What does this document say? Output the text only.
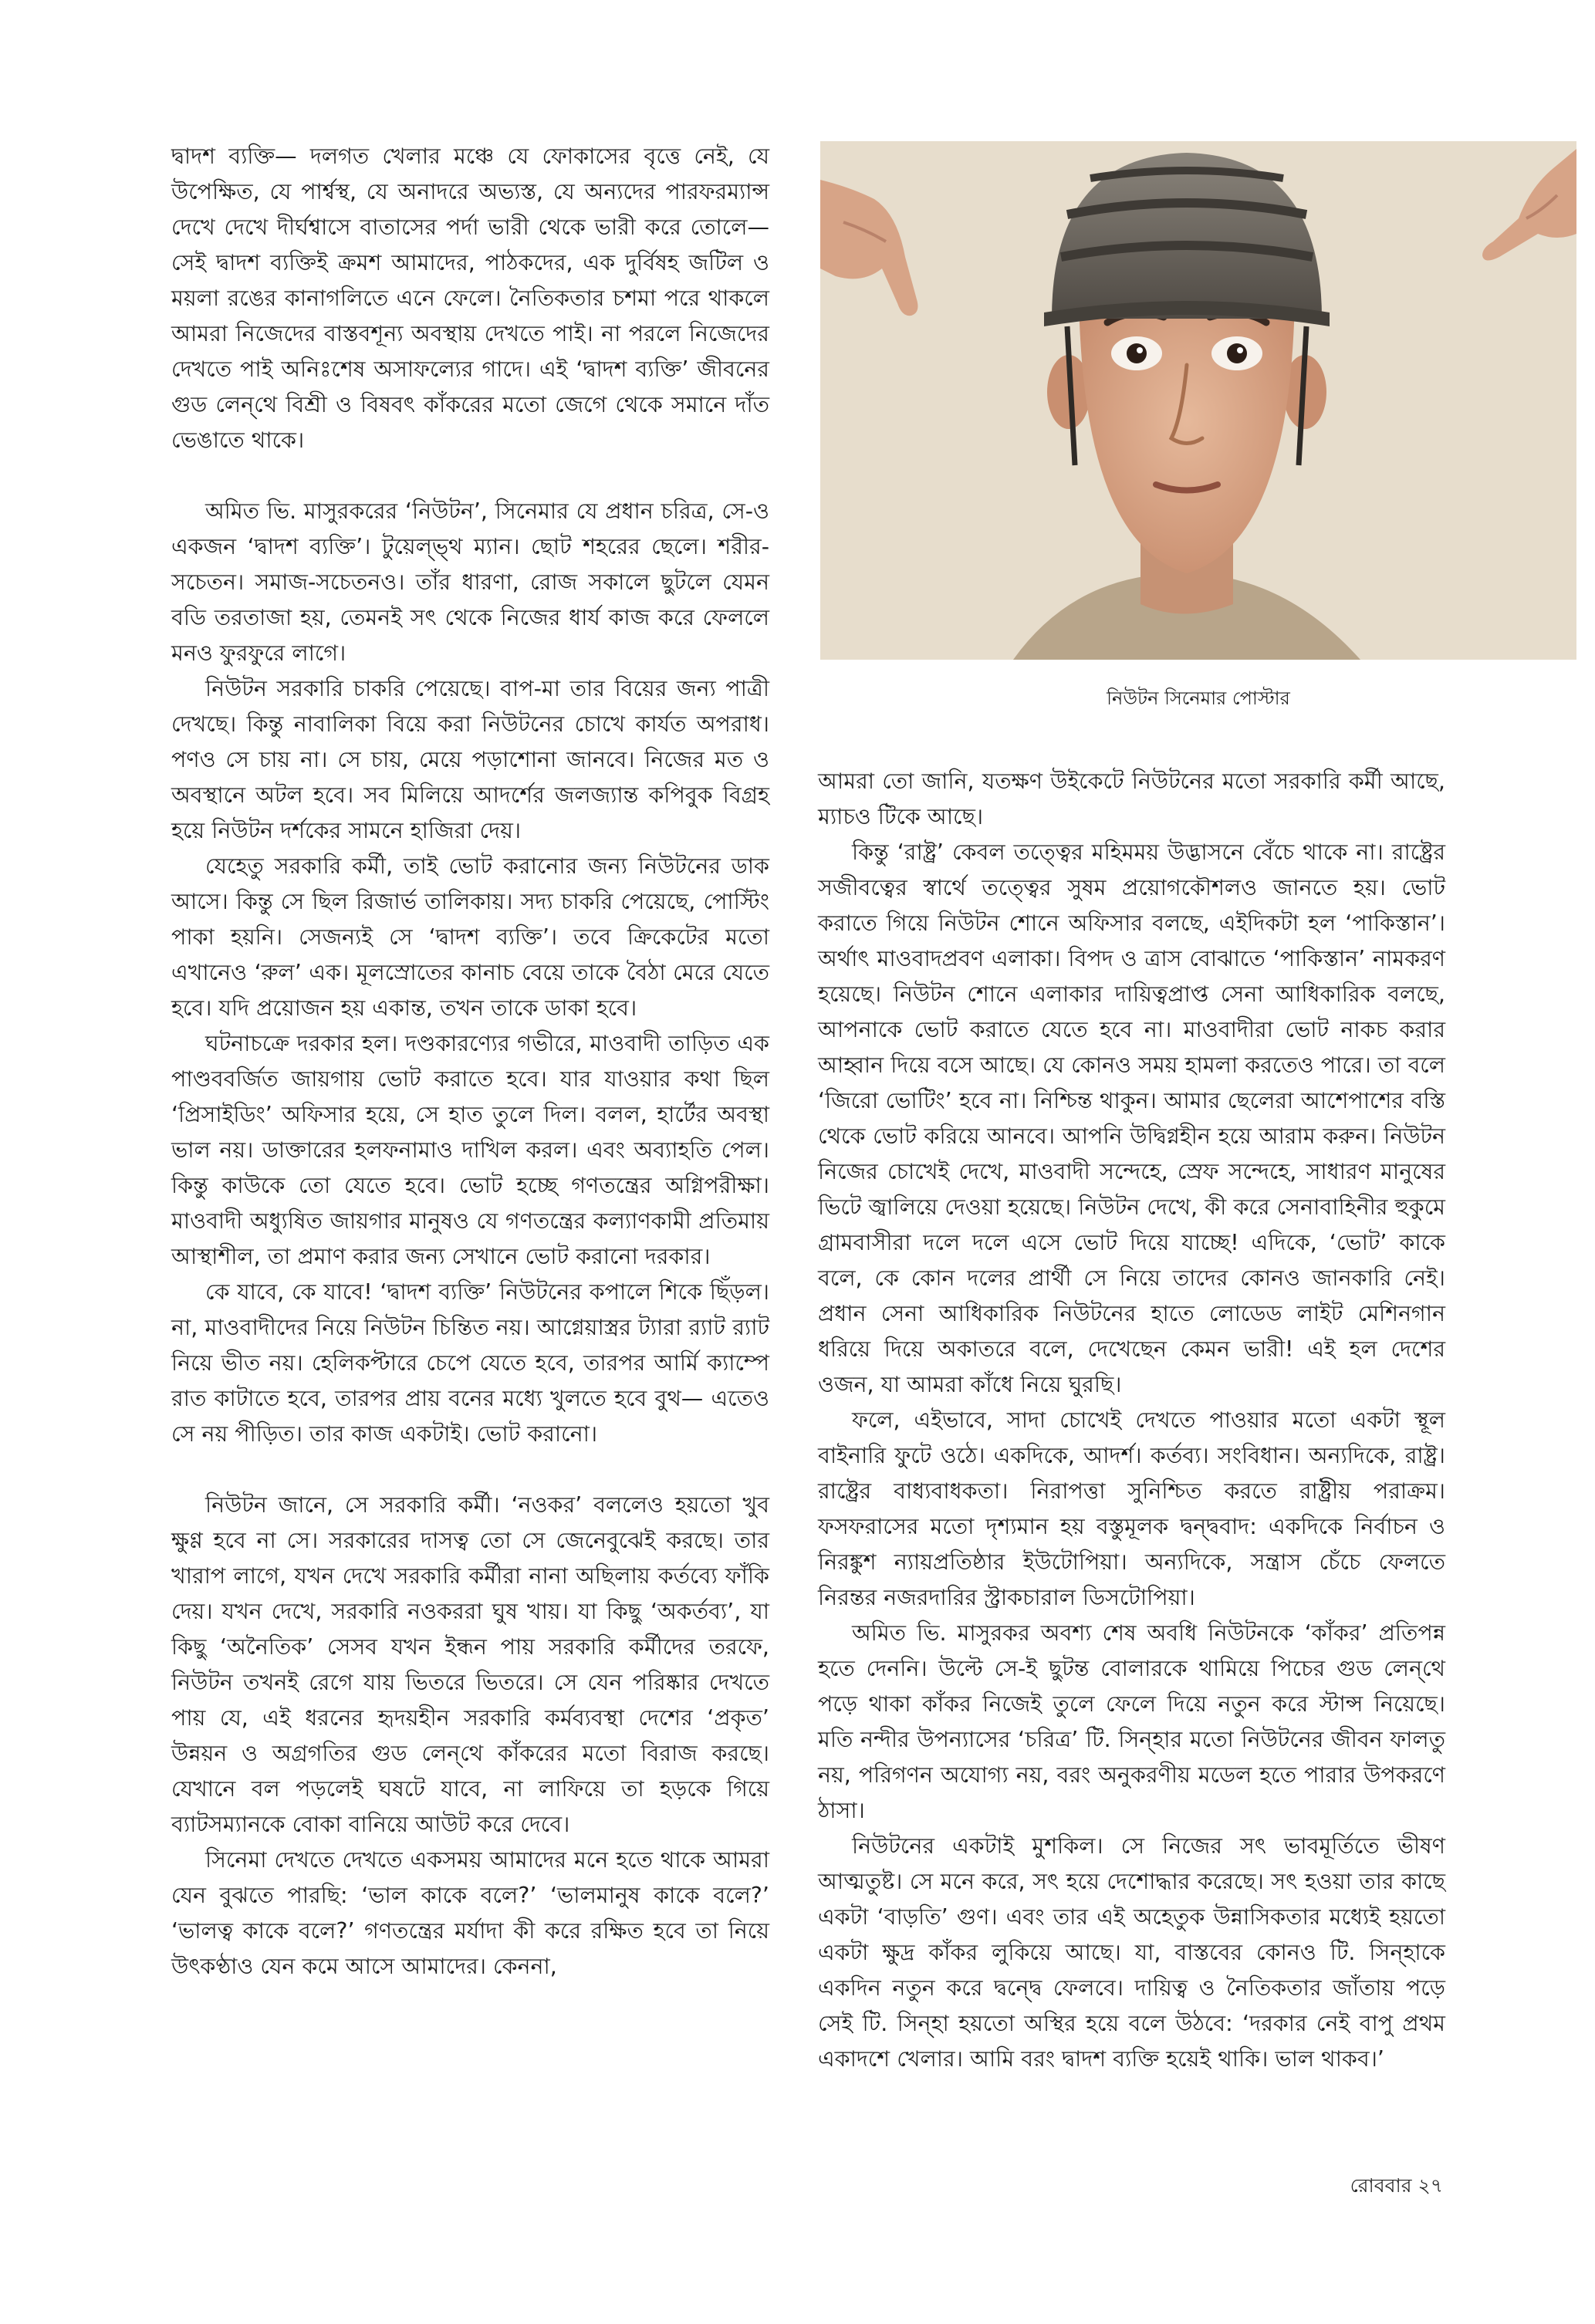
দ্বাদশ ব্যক্তি— দলগত খেলার মঞ্চে যে ফোকাসের বৃত্তে নেই, যে উপেক্ষিত, যে পার্শ্বস্থ, যে অনাদরে অভ্যস্ত, যে অন্যদের পারফরম্যান্স দেখে দেখে দীর্ঘশ্বাসে বাতাসের পর্দা ভারী থেকে ভারী করে তোলে— সেই দ্বাদশ ব্যক্তিই ক্রমশ আমাদের, পাঠকদের, এক দুর্বিষহ জটিল ও ময়লা রঙের কানাগলিতে এনে ফেলে। নৈতিকতার চশমা পরে থাকলে আমরা নিজেদের বাস্তবশূন্য অবস্থায় দেখতে পাই। না পরলে নিজেদের দেখতে পাই অনিঃশেষ অসাফল্যের গাদে। এই ‘দ্বাদশ ব্যক্তি’ জীবনের গুড লেন্‌থে বিশ্রী ও বিষবৎ কাঁকরের মতো জেগে থেকে সমানে দাঁত ভেঙাতে থাকে।

অমিত ভি. মাসুরকরের ‘নিউটন’, সিনেমার যে প্রধান চরিত্র, সে-ও একজন ‘দ্বাদশ ব্যক্তি’। টুয়েল্‌ভ্‌থ ম্যান। ছোট শহরের ছেলে। শরীর-সচেতন। সমাজ-সচেতনও। তাঁর ধারণা, রোজ সকালে ছুটলে যেমন বডি তরতাজা হয়, তেমনই সৎ থেকে নিজের ধার্য কাজ করে ফেললে মনও ফুরফুরে লাগে।

নিউটন সরকারি চাকরি পেয়েছে। বাপ-মা তার বিয়ের জন্য পাত্রী দেখছে। কিন্তু নাবালিকা বিয়ে করা নিউটনের চোখে কার্যত অপরাধ। পণও সে চায় না। সে চায়, মেয়ে পড়াশোনা জানবে। নিজের মত ও অবস্থানে অটল হবে। সব মিলিয়ে আদর্শের জলজ্যান্ত কপিবুক বিগ্রহ হয়ে নিউটন দর্শকের সামনে হাজিরা দেয়।

যেহেতু সরকারি কর্মী, তাই ভোট করানোর জন্য নিউটনের ডাক আসে। কিন্তু সে ছিল রিজার্ভ তালিকায়। সদ্য চাকরি পেয়েছে, পোস্টিং পাকা হয়নি। সেজন্যই সে ‘দ্বাদশ ব্যক্তি’। তবে ক্রিকেটের মতো এখানেও ‘রুল’ এক। মূলস্রোতের কানাচ বেয়ে তাকে বৈঠা মেরে যেতে হবে। যদি প্রয়োজন হয় একান্ত, তখন তাকে ডাকা হবে।

ঘটনাচক্রে দরকার হল। দণ্ডকারণ্যের গভীরে, মাওবাদী তাড়িত এক পাণ্ডববর্জিত জায়গায় ভোট করাতে হবে। যার যাওয়ার কথা ছিল ‘প্রিসাইডিং’ অফিসার হয়ে, সে হাত তুলে দিল। বলল, হার্টের অবস্থা ভাল নয়। ডাক্তারের হলফনামাও দাখিল করল। এবং অব্যাহতি পেল। কিন্তু কাউকে তো যেতে হবে। ভোট হচ্ছে গণতন্ত্রের অগ্নিপরীক্ষা। মাওবাদী অধ্যুষিত জায়গার মানুষও যে গণতন্ত্রের কল্যাণকামী প্রতিমায় আস্থাশীল, তা প্রমাণ করার জন্য সেখানে ভোট করানো দরকার।

কে যাবে, কে যাবে! ‘দ্বাদশ ব্যক্তি’ নিউটনের কপালে শিকে ছিঁড়ল। না, মাওবাদীদের নিয়ে নিউটন চিন্তিত নয়। আগ্নেয়াস্ত্রর ট্যারা র‍্যাট র‍্যাট নিয়ে ভীত নয়। হেলিকপ্টারে চেপে যেতে হবে, তারপর আর্মি ক্যাম্পে রাত কাটাতে হবে, তারপর প্রায় বনের মধ্যে খুলতে হবে বুথ— এতেও সে নয় পীড়িত। তার কাজ একটাই। ভোট করানো।

নিউটন জানে, সে সরকারি কর্মী। ‘নওকর’ বললেও হয়তো খুব ক্ষুণ্ণ হবে না সে। সরকারের দাসত্ব তো সে জেনেবুঝেই করছে। তার খারাপ লাগে, যখন দেখে সরকারি কর্মীরা নানা অছিলায় কর্তব্যে ফাঁকি দেয়। যখন দেখে, সরকারি নওকররা ঘুষ খায়। যা কিছু ‘অকর্তব্য’, যা কিছু ‘অনৈতিক’ সেসব যখন ইন্ধন পায় সরকারি কর্মীদের তরফে, নিউটন তখনই রেগে যায় ভিতরে ভিতরে। সে যেন পরিষ্কার দেখতে পায় যে, এই ধরনের হৃদয়হীন সরকারি কর্মব্যবস্থা দেশের ‘প্রকৃত’ উন্নয়ন ও অগ্রগতির গুড লেন্‌থে কাঁকরের মতো বিরাজ করছে। যেখানে বল পড়লেই ঘষটে যাবে, না লাফিয়ে তা হড়কে গিয়ে ব্যাটসম্যানকে বোকা বানিয়ে আউট করে দেবে।

সিনেমা দেখতে দেখতে একসময় আমাদের মনে হতে থাকে আমরা যেন বুঝতে পারছি: ‘ভাল কাকে বলে?’ ‘ভালমানুষ কাকে বলে?’ ‘ভালত্ব কাকে বলে?’ গণতন্ত্রের মর্যাদা কী করে রক্ষিত হবে তা নিয়ে উৎকণ্ঠাও যেন কমে আসে আমাদের। কেননা,

নিউটন সিনেমার পোস্টার

আমরা তো জানি, যতক্ষণ উইকেটে নিউটনের মতো সরকারি কর্মী আছে, ম্যাচও টিকে আছে।

কিন্তু ‘রাষ্ট্র’ কেবল তত্ত্বের মহিমময় উদ্ভাসনে বেঁচে থাকে না। রাষ্ট্রের সজীবত্বের স্বার্থে তত্ত্বের সুষম প্রয়োগকৌশলও জানতে হয়। ভোট করাতে গিয়ে নিউটন শোনে অফিসার বলছে, এইদিকটা হল ‘পাকিস্তান’। অর্থাৎ মাওবাদপ্রবণ এলাকা। বিপদ ও ত্রাস বোঝাতে ‘পাকিস্তান’ নামকরণ হয়েছে। নিউটন শোনে এলাকার দায়িত্বপ্রাপ্ত সেনা আধিকারিক বলছে, আপনাকে ভোট করাতে যেতে হবে না। মাওবাদীরা ভোট নাকচ করার আহ্বান দিয়ে বসে আছে। যে কোনও সময় হামলা করতেও পারে। তা বলে ‘জিরো ভোটিং’ হবে না। নিশ্চিন্ত থাকুন। আমার ছেলেরা আশেপাশের বস্তি থেকে ভোট করিয়ে আনবে। আপনি উদ্বিগ্নহীন হয়ে আরাম করুন। নিউটন নিজের চোখেই দেখে, মাওবাদী সন্দেহে, স্রেফ সন্দেহে, সাধারণ মানুষের ভিটে জ্বালিয়ে দেওয়া হয়েছে। নিউটন দেখে, কী করে সেনাবাহিনীর হুকুমে গ্রামবাসীরা দলে দলে এসে ভোট দিয়ে যাচ্ছে! এদিকে, ‘ভোট’ কাকে বলে, কে কোন দলের প্রার্থী সে নিয়ে তাদের কোনও জানকারি নেই। প্রধান সেনা আধিকারিক নিউটনের হাতে লোডেড লাইট মেশিনগান ধরিয়ে দিয়ে অকাতরে বলে, দেখেছেন কেমন ভারী! এই হল দেশের ওজন, যা আমরা কাঁধে নিয়ে ঘুরছি।

ফলে, এইভাবে, সাদা চোখেই দেখতে পাওয়ার মতো একটা স্থূল বাইনারি ফুটে ওঠে। একদিকে, আদর্শ। কর্তব্য। সংবিধান। অন্যদিকে, রাষ্ট্র। রাষ্ট্রের বাধ্যবাধকতা। নিরাপত্তা সুনিশ্চিত করতে রাষ্ট্রীয় পরাক্রম। ফসফরাসের মতো দৃশ্যমান হয় বস্তুমূলক দ্বন্দ্ববাদ: একদিকে নির্বাচন ও নিরঙ্কুশ ন্যায়প্রতিষ্ঠার ইউটোপিয়া। অন্যদিকে, সন্ত্রাস চেঁচে ফেলতে নিরন্তর নজরদারির স্ট্রাকচারাল ডিসটোপিয়া।

অমিত ভি. মাসুরকর অবশ্য শেষ অবধি নিউটনকে ‘কাঁকর’ প্রতিপন্ন হতে দেননি। উল্টে সে-ই ছুটন্ত বোলারকে থামিয়ে পিচের গুড লেন্‌থে পড়ে থাকা কাঁকর নিজেই তুলে ফেলে দিয়ে নতুন করে স্টান্স নিয়েছে। মতি নন্দীর উপন্যাসের ‘চরিত্র’ টি. সিন্‌হার মতো নিউটনের জীবন ফালতু নয়, পরিগণন অযোগ্য নয়, বরং অনুকরণীয় মডেল হতে পারার উপকরণে ঠাসা।

নিউটনের একটাই মুশকিল। সে নিজের সৎ ভাবমূর্তিতে ভীষণ আত্মতুষ্ট। সে মনে করে, সৎ হয়ে দেশোদ্ধার করেছে। সৎ হওয়া তার কাছে একটা ‘বাড়তি’ গুণ। এবং তার এই অহেতুক উন্নাসিকতার মধ্যেই হয়তো একটা ক্ষুদ্র কাঁকর লুকিয়ে আছে। যা, বাস্তবের কোনও টি. সিন্‌হাকে একদিন নতুন করে দ্বন্দ্বে ফেলবে। দায়িত্ব ও নৈতিকতার জাঁতায় পড়ে সেই টি. সিন্‌হা হয়তো অস্থির হয়ে বলে উঠবে: ‘দরকার নেই বাপু প্রথম একাদশে খেলার। আমি বরং দ্বাদশ ব্যক্তি হয়েই থাকি। ভাল থাকব।’

রোববার ২৭
